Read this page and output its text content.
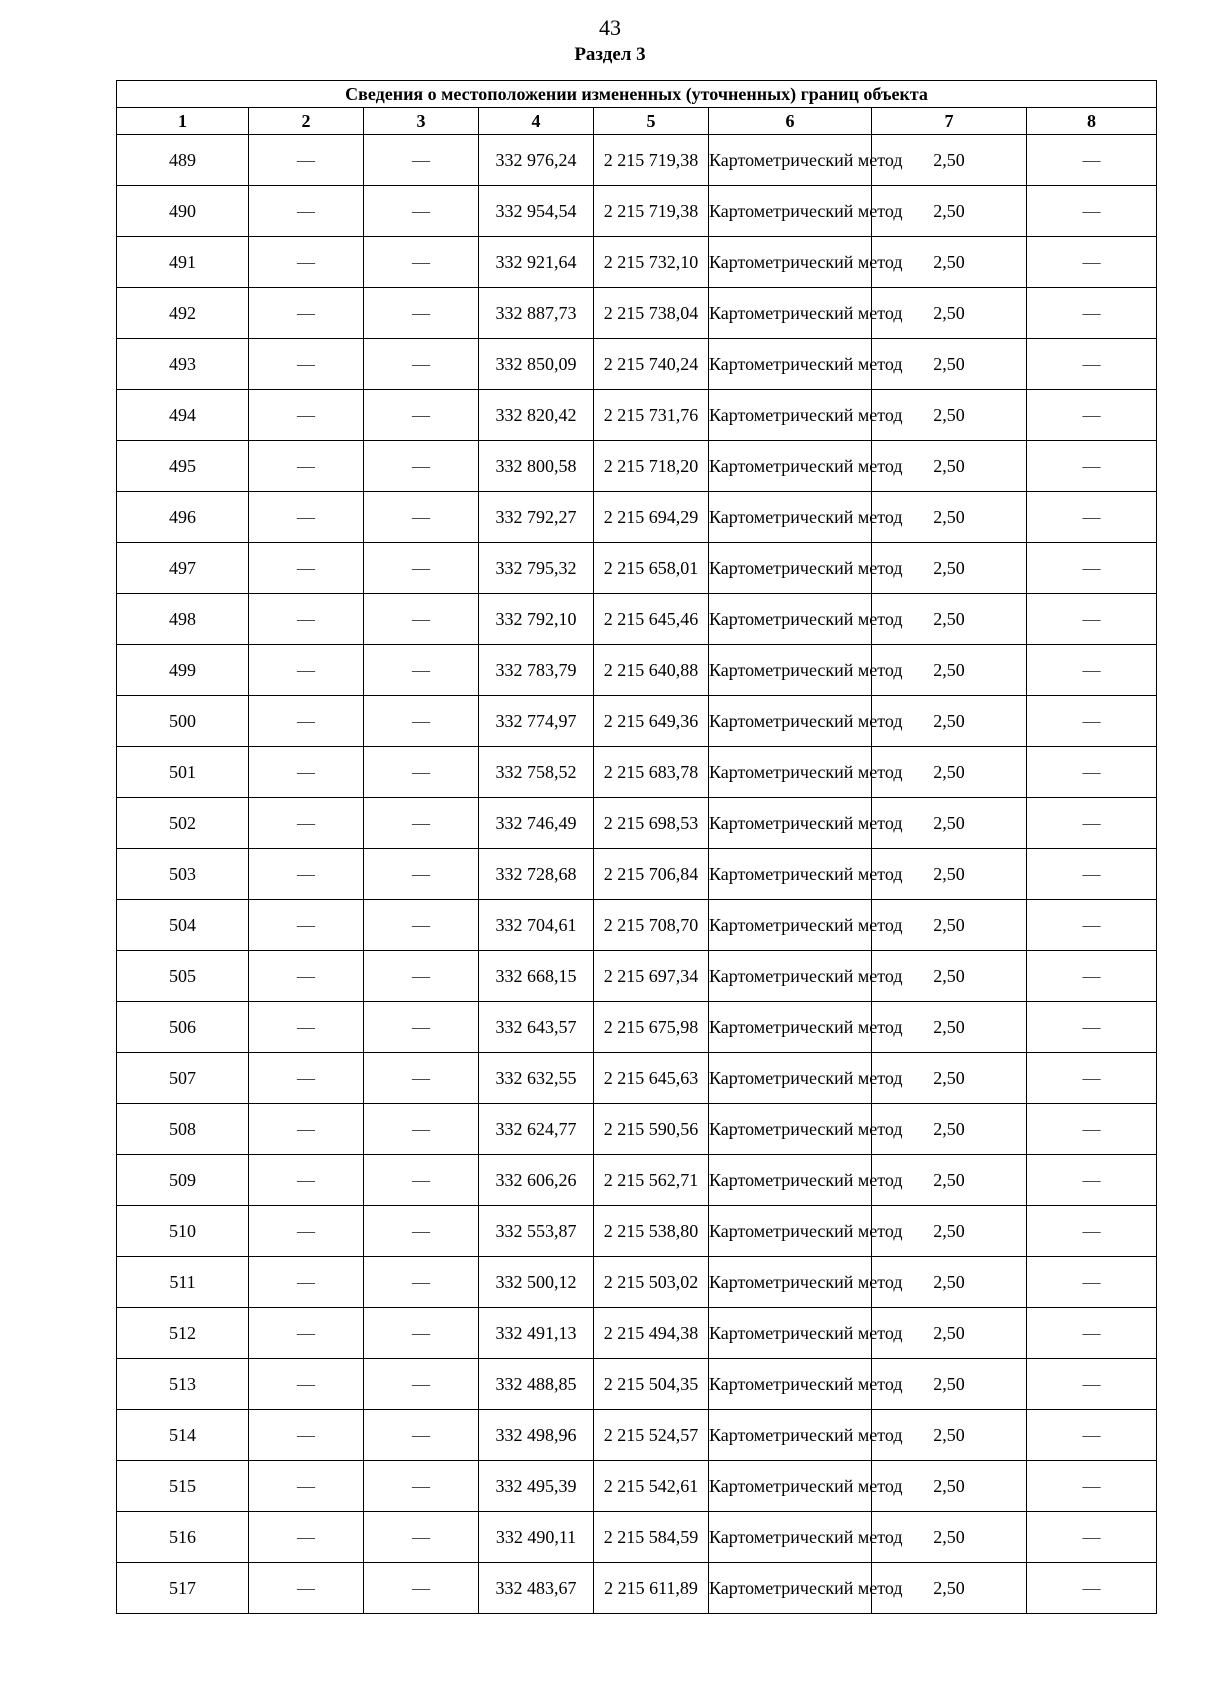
43
Раздел 3
Сведения о местоположении измененных (уточненных) границ объекта							
1	2	3	4	5	6	7	8
489	—	—	332 976,24	2 215 719,38	Картометрический метод	2,50	—
490	—	—	332 954,54	2 215 719,38	Картометрический метод	2,50	—
491	—	—	332 921,64	2 215 732,10	Картометрический метод	2,50	—
492	—	—	332 887,73	2 215 738,04	Картометрический метод	2,50	—
493	—	—	332 850,09	2 215 740,24	Картометрический метод	2,50	—
494	—	—	332 820,42	2 215 731,76	Картометрический метод	2,50	—
495	—	—	332 800,58	2 215 718,20	Картометрический метод	2,50	—
496	—	—	332 792,27	2 215 694,29	Картометрический метод	2,50	—
497	—	—	332 795,32	2 215 658,01	Картометрический метод	2,50	—
498	—	—	332 792,10	2 215 645,46	Картометрический метод	2,50	—
499	—	—	332 783,79	2 215 640,88	Картометрический метод	2,50	—
500	—	—	332 774,97	2 215 649,36	Картометрический метод	2,50	—
501	—	—	332 758,52	2 215 683,78	Картометрический метод	2,50	—
502	—	—	332 746,49	2 215 698,53	Картометрический метод	2,50	—
503	—	—	332 728,68	2 215 706,84	Картометрический метод	2,50	—
504	—	—	332 704,61	2 215 708,70	Картометрический метод	2,50	—
505	—	—	332 668,15	2 215 697,34	Картометрический метод	2,50	—
506	—	—	332 643,57	2 215 675,98	Картометрический метод	2,50	—
507	—	—	332 632,55	2 215 645,63	Картометрический метод	2,50	—
508	—	—	332 624,77	2 215 590,56	Картометрический метод	2,50	—
509	—	—	332 606,26	2 215 562,71	Картометрический метод	2,50	—
510	—	—	332 553,87	2 215 538,80	Картометрический метод	2,50	—
511	—	—	332 500,12	2 215 503,02	Картометрический метод	2,50	—
512	—	—	332 491,13	2 215 494,38	Картометрический метод	2,50	—
513	—	—	332 488,85	2 215 504,35	Картометрический метод	2,50	—
514	—	—	332 498,96	2 215 524,57	Картометрический метод	2,50	—
515	—	—	332 495,39	2 215 542,61	Картометрический метод	2,50	—
516	—	—	332 490,11	2 215 584,59	Картометрический метод	2,50	—
517	—	—	332 483,67	2 215 611,89	Картометрический метод	2,50	—
